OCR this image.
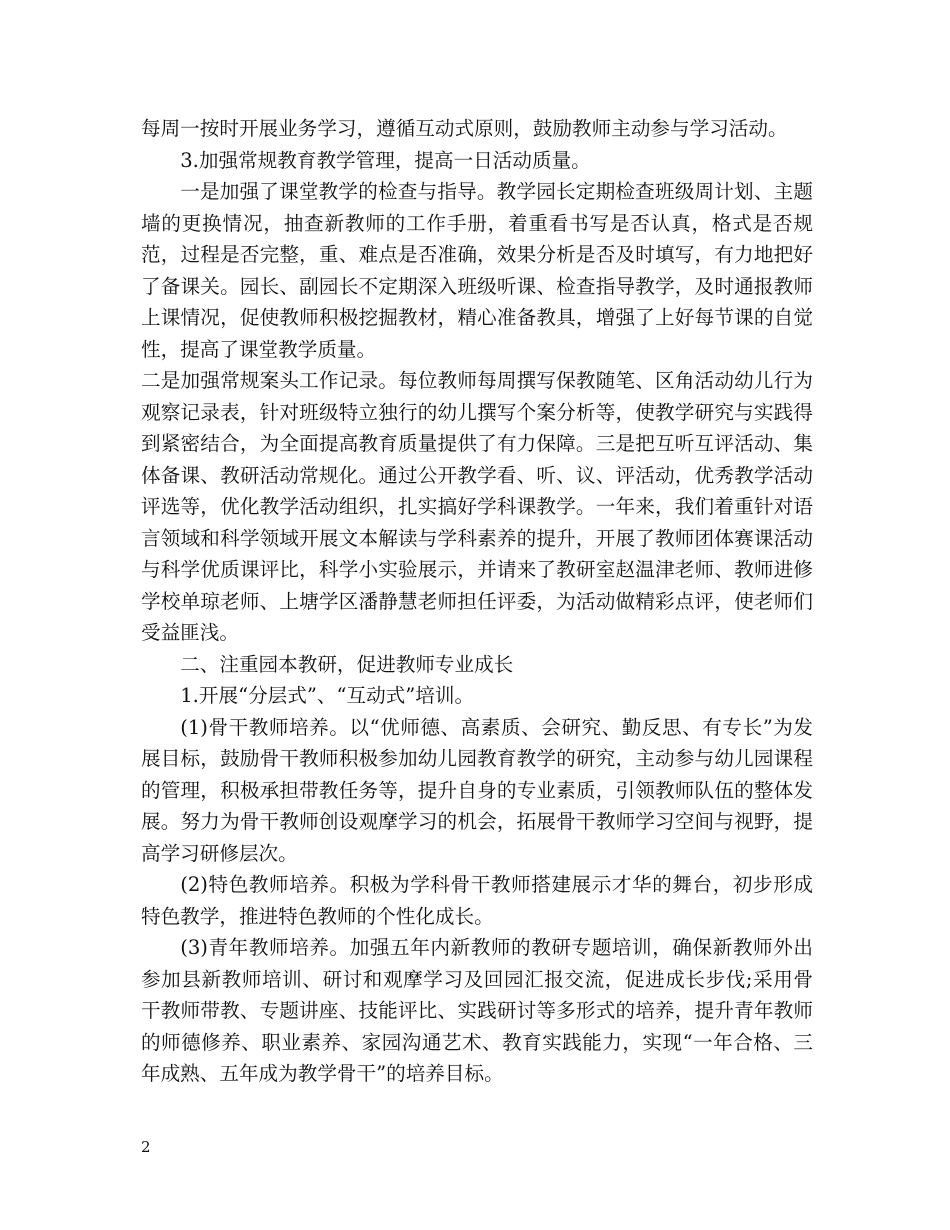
每周一按时开展业务学习，遵循互动式原则，鼓励教师主动参与学习活动。

3.加强常规教育教学管理，提高一日活动质量。

一是加强了课堂教学的检查与指导。教学园长定期检查班级周计划、主题墙的更换情况，抽查新教师的工作手册，着重看书写是否认真，格式是否规范，过程是否完整，重、难点是否准确，效果分析是否及时填写，有力地把好了备课关。园长、副园长不定期深入班级听课、检查指导教学，及时通报教师上课情况，促使教师积极挖掘教材，精心准备教具，增强了上好每节课的自觉性，提高了课堂教学质量。

二是加强常规案头工作记录。每位教师每周撰写保教随笔、区角活动幼儿行为观察记录表，针对班级特立独行的幼儿撰写个案分析等，使教学研究与实践得到紧密结合，为全面提高教育质量提供了有力保障。三是把互听互评活动、集体备课、教研活动常规化。通过公开教学看、听、议、评活动，优秀教学活动评选等，优化教学活动组织，扎实搞好学科课教学。一年来，我们着重针对语言领域和科学领域开展文本解读与学科素养的提升，开展了教师团体赛课活动与科学优质课评比，科学小实验展示，并请来了教研室赵温津老师、教师进修学校单琼老师、上塘学区潘静慧老师担任评委，为活动做精彩点评，使老师们受益匪浅。

二、注重园本教研，促进教师专业成长

1.开展“分层式”、“互动式”培训。

(1)骨干教师培养。以“优师德、高素质、会研究、勤反思、有专长”为发展目标，鼓励骨干教师积极参加幼儿园教育教学的研究，主动参与幼儿园课程的管理，积极承担带教任务等，提升自身的专业素质，引领教师队伍的整体发展。努力为骨干教师创设观摩学习的机会，拓展骨干教师学习空间与视野，提高学习研修层次。

(2)特色教师培养。积极为学科骨干教师搭建展示才华的舞台，初步形成特色教学，推进特色教师的个性化成长。

(3)青年教师培养。加强五年内新教师的教研专题培训，确保新教师外出参加县新教师培训、研讨和观摩学习及回园汇报交流，促进成长步伐;采用骨干教师带教、专题讲座、技能评比、实践研讨等多形式的培养，提升青年教师的师德修养、职业素养、家园沟通艺术、教育实践能力，实现“一年合格、三年成熟、五年成为教学骨干”的培养目标。

2
